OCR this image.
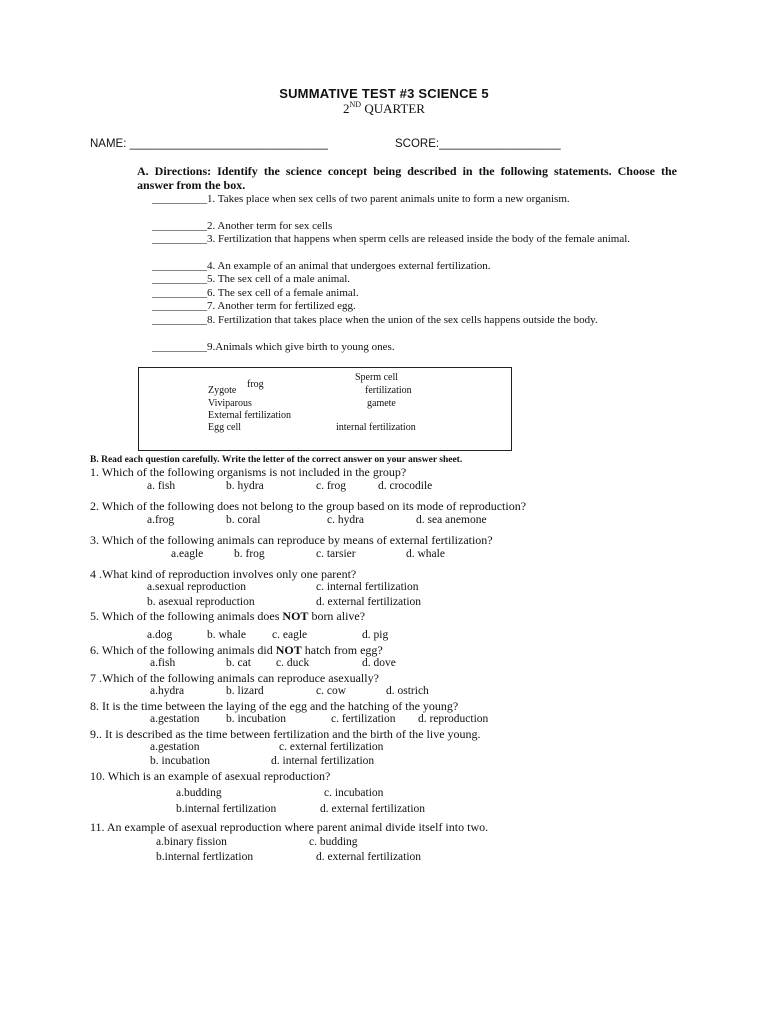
SUMMATIVE TEST #3 SCIENCE 5
2ND QUARTER
NAME: _______________________________	SCORE:___________________
A. Directions: Identify the science concept being described in the following statements. Choose the answer from the box.
__________1. Takes place when sex cells of two parent animals unite to form a new organism.
__________2. Another term for sex cells
__________3. Fertilization that happens when sperm cells are released inside the body of the female animal.
__________4. An example of an animal that undergoes external fertilization.
__________5. The sex cell of a male animal.
__________6. The sex cell of a female animal.
__________7. Another term for fertilized egg.
__________8. Fertilization that takes place when the union of the sex cells happens outside the body.
__________9.Animals which give birth to young ones.
frog
Zygote
Viviparous
External fertilization
Egg cell
Sperm cell
fertilization
gamete
internal fertilization
B. Read each question carefully. Write the letter of the correct answer on your answer sheet.
1. Which of the following organisms is not included in the group?
a. fish	b. hydra	c. frog	d. crocodile
2. Which of the following does not belong to the group based on its mode of reproduction?
a.frog	b. coral	c. hydra	d. sea anemone
3. Which of the following animals can reproduce by means of external fertilization?
a.eagle	b. frog	c. tarsier	d. whale
4 .What kind of reproduction involves only one parent?
a.sexual reproduction	c. internal fertilization
b. asexual reproduction	d. external fertilization
5. Which of the following animals does NOT born alive?
a.dog	b. whale c. eagle	d. pig
6. Which of the following animals did NOT hatch from egg?
a.fish	b. cat c. duck	d. dove
7 .Which of the following animals can reproduce asexually?
a.hydra	b. lizard	c. cow	d. ostrich
8. It is the time between the laying of the egg and the hatching of the young?
a.gestation b. incubation	c. fertilization d. reproduction
9.. It is described as the time between fertilization and the birth of the live young.
a.gestation	c. external fertilization
b. incubation	d. internal fertilization
10. Which is an example of asexual reproduction?
a.budding	c. incubation
b.internal fertilization	d. external fertilization
11. An example of asexual reproduction where parent animal divide itself into two.
a.binary fission	c. budding
b.internal fertlization	d. external fertilization
